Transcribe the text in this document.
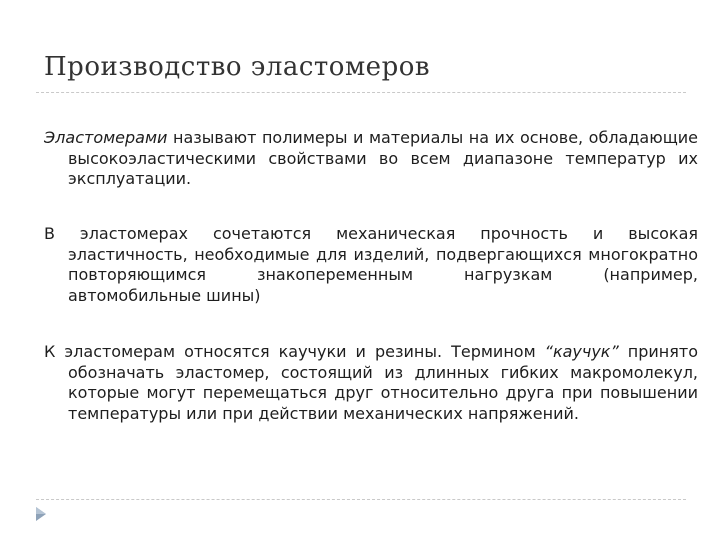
Производство эластомеров
Эластомерами называют полимеры и материалы на их основе, обладающие высокоэластическими свойствами во всем диапазоне температур их эксплуатации.
В эластомерах сочетаются механическая прочность и высокая эластичность, необходимые для изделий, подвергающихся многократно повторяющимся знакопеременным нагрузкам (например, автомобильные шины)
К эластомерам относятся каучуки и резины. Термином “каучук” принято обозначать эластомер, состоящий из длинных гибких макромолекул, которые могут перемещаться друг относительно друга при повышении температуры или при действии механических напряжений.
